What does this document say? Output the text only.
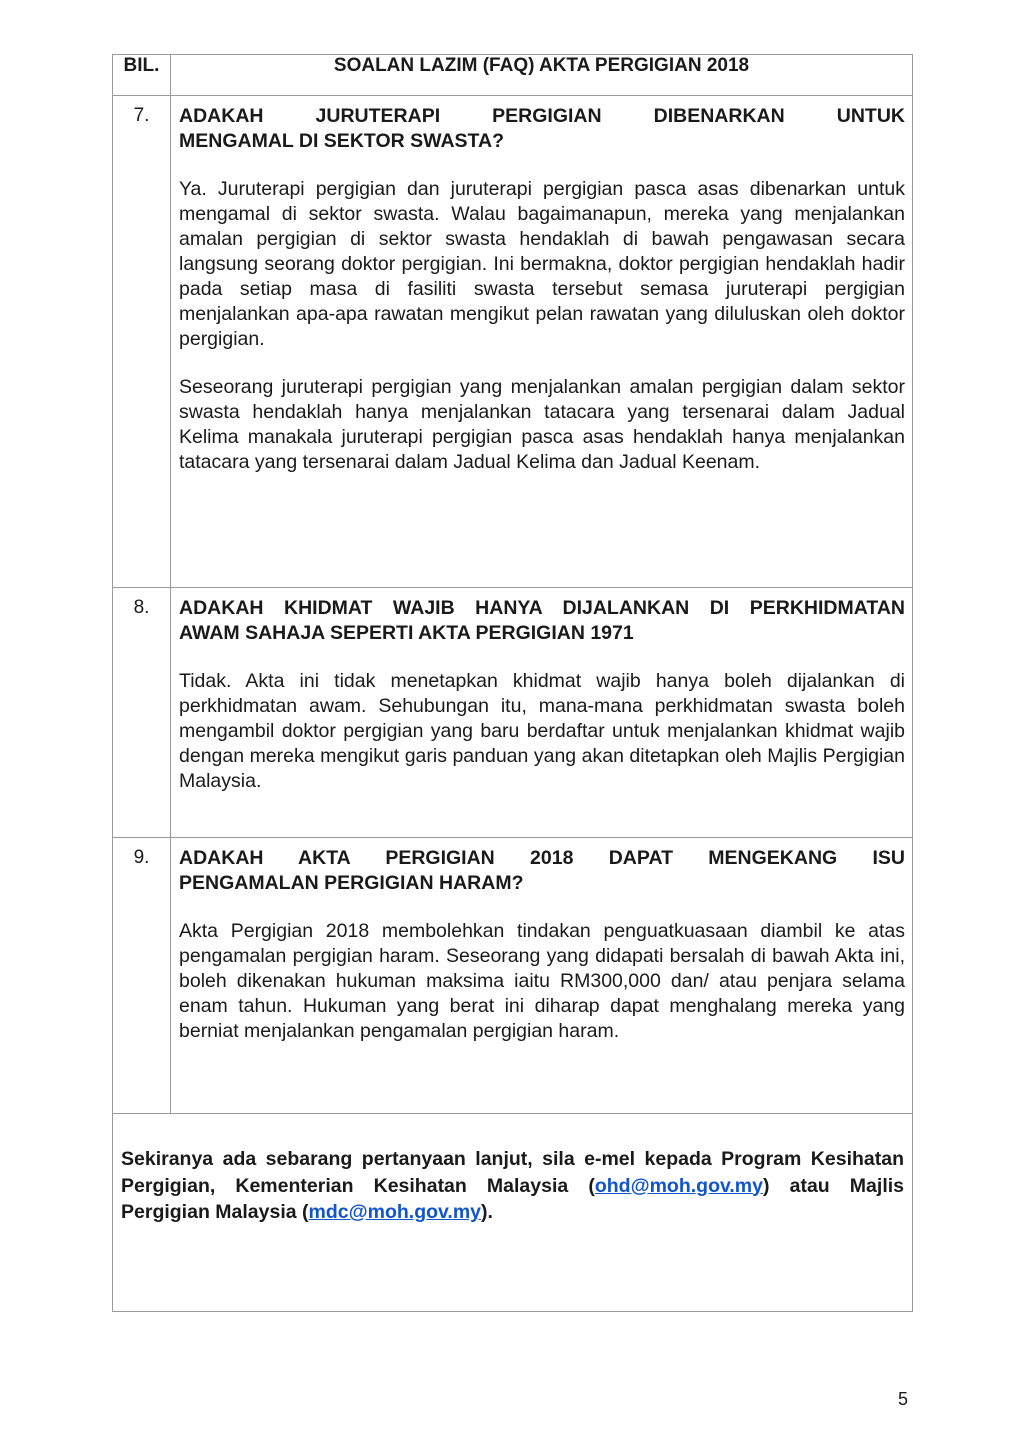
BIL.	SOALAN LAZIM (FAQ) AKTA PERGIGIAN 2018
7.	ADAKAH JURUTERAPI PERGIGIAN DIBENARKAN UNTUK
MENGAMAL DI SEKTOR SWASTA?

Ya. Juruterapi pergigian dan juruterapi pergigian pasca asas dibenarkan untuk mengamal di sektor swasta. Walau bagaimanapun, mereka yang menjalankan amalan pergigian di sektor swasta hendaklah di bawah pengawasan secara langsung seorang doktor pergigian. Ini bermakna, doktor pergigian hendaklah hadir pada setiap masa di fasiliti swasta tersebut semasa juruterapi pergigian menjalankan apa-apa rawatan mengikut pelan rawatan yang diluluskan oleh doktor pergigian.

Seseorang juruterapi pergigian yang menjalankan amalan pergigian dalam sektor swasta hendaklah hanya menjalankan tatacara yang tersenarai dalam Jadual Kelima manakala juruterapi pergigian pasca asas hendaklah hanya menjalankan tatacara yang tersenarai dalam Jadual Kelima dan Jadual Keenam.

8.	ADAKAH KHIDMAT WAJIB HANYA DIJALANKAN DI PERKHIDMATAN
AWAM SAHAJA SEPERTI AKTA PERGIGIAN 1971

Tidak. Akta ini tidak menetapkan khidmat wajib hanya boleh dijalankan di perkhidmatan awam. Sehubungan itu, mana-mana perkhidmatan swasta boleh mengambil doktor pergigian yang baru berdaftar untuk menjalankan khidmat wajib dengan mereka mengikut garis panduan yang akan ditetapkan oleh Majlis Pergigian Malaysia.

9.	ADAKAH AKTA PERGIGIAN 2018 DAPAT MENGEKANG ISU
PENGAMALAN PERGIGIAN HARAM?

Akta Pergigian 2018 membolehkan tindakan penguatkuasaan diambil ke atas pengamalan pergigian haram. Seseorang yang didapati bersalah di bawah Akta ini, boleh dikenakan hukuman maksima iaitu RM300,000 dan/ atau penjara selama enam tahun. Hukuman yang berat ini diharap dapat menghalang mereka yang berniat menjalankan pengamalan pergigian haram.

Sekiranya ada sebarang pertanyaan lanjut, sila e-mel kepada Program Kesihatan Pergigian, Kementerian Kesihatan Malaysia (ohd@moh.gov.my) atau Majlis Pergigian Malaysia (mdc@moh.gov.my).	
5
